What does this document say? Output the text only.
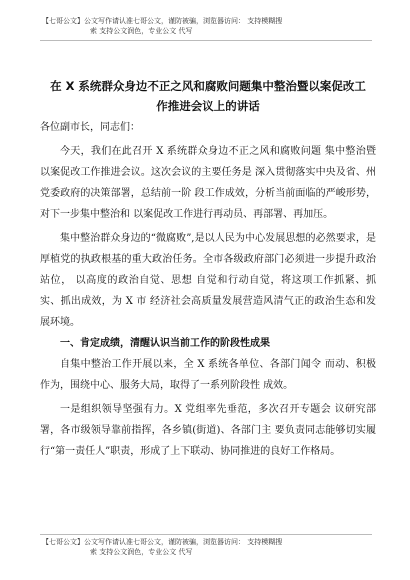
【七哥公文】公文写作请认准七哥公文，谨防被骗，浏览器访问： 支持模糊搜
索 支持公文润色，专业公文 代写
在 X 系统群众身边不正之风和腐败问题集中整治暨以案促改工
作推进会议上的讲话

各位副市长，同志们：

今天，我们在此召开 X 系统群众身边不正之风和腐败问题 集中整治暨以案促改工作推进会议。这次会议的主要任务是 深入贯彻落实中央及省、州党委政府的决策部署，总结前一阶 段工作成效，分析当前面临的严峻形势，对下一步集中整治和 以案促改工作进行再动员、再部署、再加压。

集中整治群众身边的“微腐败”,是以人民为中心发展思想的必然要求，是厚植党的执政根基的重大政治任务。全市各级政府部门必须进一步提升政治站位， 以高度的政治自觉、思想 自觉和行动自觉，将这项工作抓紧、抓实、抓出成效，为 X 市 经济社会高质量发展营造风清气正的政治生态和发展环境。

一、肯定成绩，清醒认识当前工作的阶段性成果

自集中整治工作开展以来，全 X 系统各单位、各部门闻令 而动、积极作为，围绕中心、服务大局，取得了一系列阶段性 成效。

一是组织领导坚强有力。X 党组率先垂范，多次召开专题会 议研究部署，各市级领导靠前指挥，各乡镇(街道)、各部门主 要负责同志能够切实履行“第一责任人”职责，形成了上下联动、协同推进的良好工作格局。

【七哥公文】公文写作请认准七哥公文，谨防被骗，浏览器访问： 支持模糊搜
索 支持公文润色，专业公文 代写
